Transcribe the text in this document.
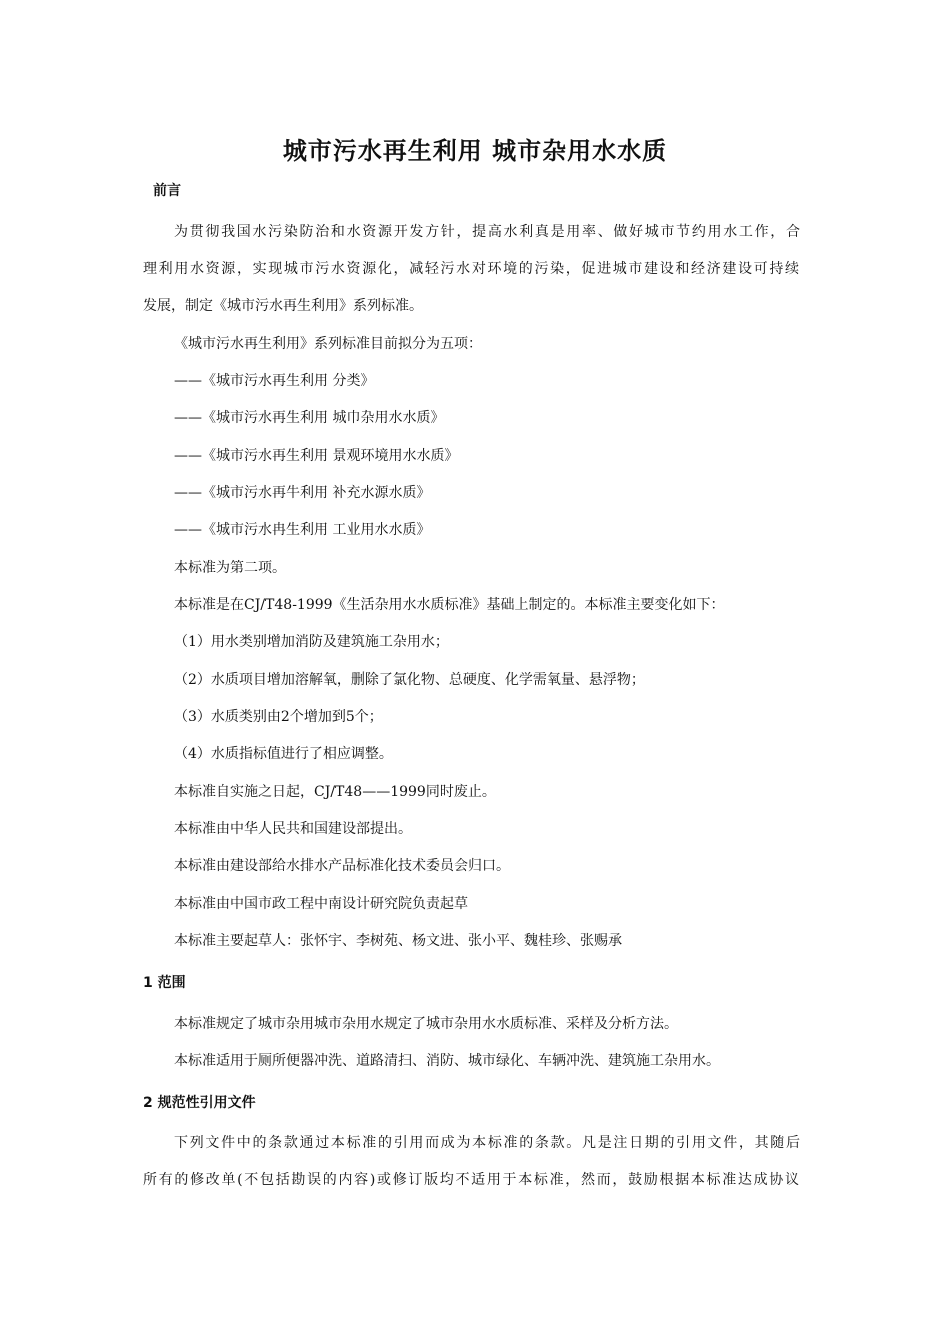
城市污水再生利用 城市杂用水水质
前言
为贯彻我国水污染防治和水资源开发方针，提高水利真是用率、做好城市节约用水工作，合
理利用水资源，实现城市污水资源化，减轻污水对环境的污染，促进城市建设和经济建设可持续
发展，制定《城市污水再生利用》系列标准。
《城市污水再生利用》系列标准目前拟分为五项：
——《城市污水再生利用 分类》
——《城市污水再生利用 城巾杂用水水质》
——《城市污水再生利用 景观环境用水水质》
——《城市污水再牛利用 补充水源水质》
——《城市污水冉生利用 工业用水水质》
本标准为第二项。
本标准是在CJ/T48-1999《生活杂用水水质标准》基础上制定的。本标准主要变化如下：
（1）用水类别增加消防及建筑施工杂用水；
（2）水质项目增加溶解氧，删除了氯化物、总硬度、化学需氧量、悬浮物；
（3）水质类别由2个增加到5个；
（4）水质指标值进行了相应调整。
本标准自实施之日起，CJ/T48——1999同时废止。
本标准由中华人民共和国建设部提出。
本标准由建设部给水排水产品标准化技术委员会归口。
本标准由中国市政工程中南设计研究院负责起草
本标准主要起草人：张怀宇、李树苑、杨文进、张小平、魏桂珍、张赐承
1 范围
本标准规定了城市杂用城市杂用水规定了城市杂用水水质标准、采样及分析方法。
本标准适用于厕所便器冲洗、道路清扫、消防、城市绿化、车辆冲洗、建筑施工杂用水。
2 规范性引用文件
下列文件中的条款通过本标准的引用而成为本标准的条款。凡是注日期的引用文件，其随后
所有的修改单(不包括勘误的内容)或修订版均不适用于本标准，然而，鼓励根据本标准达成协议
